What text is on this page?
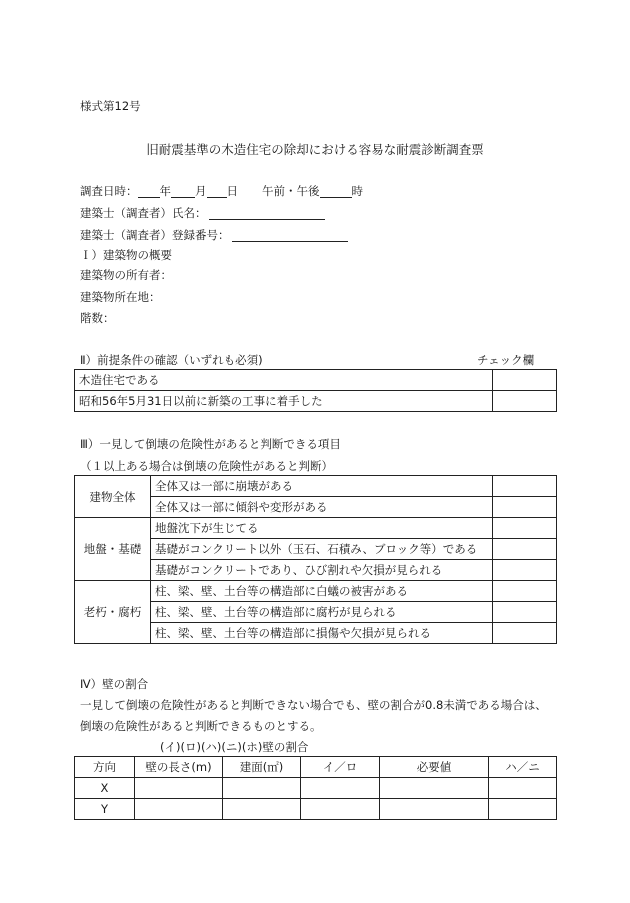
様式第12号
旧耐震基準の木造住宅の除却における容易な耐震診断調査票
調査日時： 年 月 日 午前・午後	時
建築士（調査者）氏名：
建築士（調査者）登録番号：
Ｉ）建築物の概要
建築物の所有者：
建築物所在地：
階数：
Ⅱ）前提条件の確認（いずれも必須)	チェック欄
木造住宅である	
昭和56年5月31日以前に新築の工事に着手した	
Ⅲ）一見して倒壊の危険性があると判断できる項目
（１以上ある場合は倒壊の危険性があると判断）
建物全体	全体又は一部に崩壊がある	
	全体又は一部に傾斜や変形がある	
地盤・基礎	地盤沈下が生じてる	
	基礎がコンクリート以外（玉石、石積み、ブロック等）である	
	基礎がコンクリートであり、ひび割れや欠損が見られる	
老朽・腐朽	柱、梁、壁、土台等の構造部に白蟻の被害がある	
	柱、梁、壁、土台等の構造部に腐朽が見られる	
	柱、梁、壁、土台等の構造部に損傷や欠損が見られる	
Ⅳ）壁の割合
一見して倒壊の危険性があると判断できない場合でも、壁の割合が0.8未満である場合は、
倒壊の危険性があると判断できるものとする。
(イ)(ロ)(ハ)(ニ)(ホ)壁の割合
方向	壁の長さ(m)	建面(㎡)	イ／ロ	必要値	ハ／ニ
X					
Y					
